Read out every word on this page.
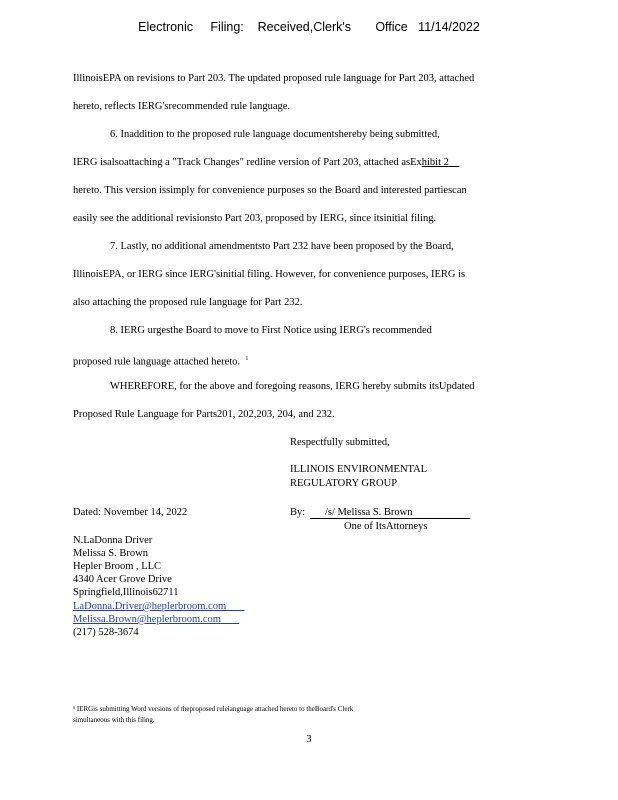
Electronic     Filing:    Received,Clerk's       Office   11/14/2022
IllinoisEPA on revisions to Part 203. The updated proposed rule language for Part 203, attached
hereto, reflects IERG'srecommended rule language.
6. Inaddition to the proposed rule language documentshereby being submitted,
IERG isalsoattaching a "Track Changes" redline version of Part 203, attached asExhibit 2
hereto. This version issimply for convenience purposes so the Board and interested partiescan
easily see the additional revisionsto Part 203, proposed by IERG, since itsinitial filing.
7. Lastly, no additional amendmentsto Part 232 have been proposed by the Board,
IllinoisEPA, or IERG since IERG'sinitial filing. However, for convenience purposes, IERG is
also attaching the proposed rule language for Part 232.
8. IERG urgesthe Board to move to First Notice using IERG's recommended
proposed rule language attached hereto. $^1$
WHEREFORE, for the above and foregoing reasons, IERG hereby submits itsUpdated
Proposed Rule Language for Parts201, 202,203, 204, and 232.
Respectfully submitted,
ILLINOIS ENVIRONMENTAL
REGULATORY GROUP
Dated: November 14, 2022	By: /s/ Melissa S. Brown
One of ItsAttorneys
N.LaDonna Driver
Melissa S. Brown
Hepler Broom , LLC
4340 Acer Grove Drive
Springfield,Illinois62711
LaDonna.Driver@heplerbroom.com
Melissa.Brown@heplerbroom.com
(217) 528-3674
¹ IERGis submitting Word versions of theproposed rulelanguage attached hereto to theBoard's Clerk
simultaneous with this filing.
3
